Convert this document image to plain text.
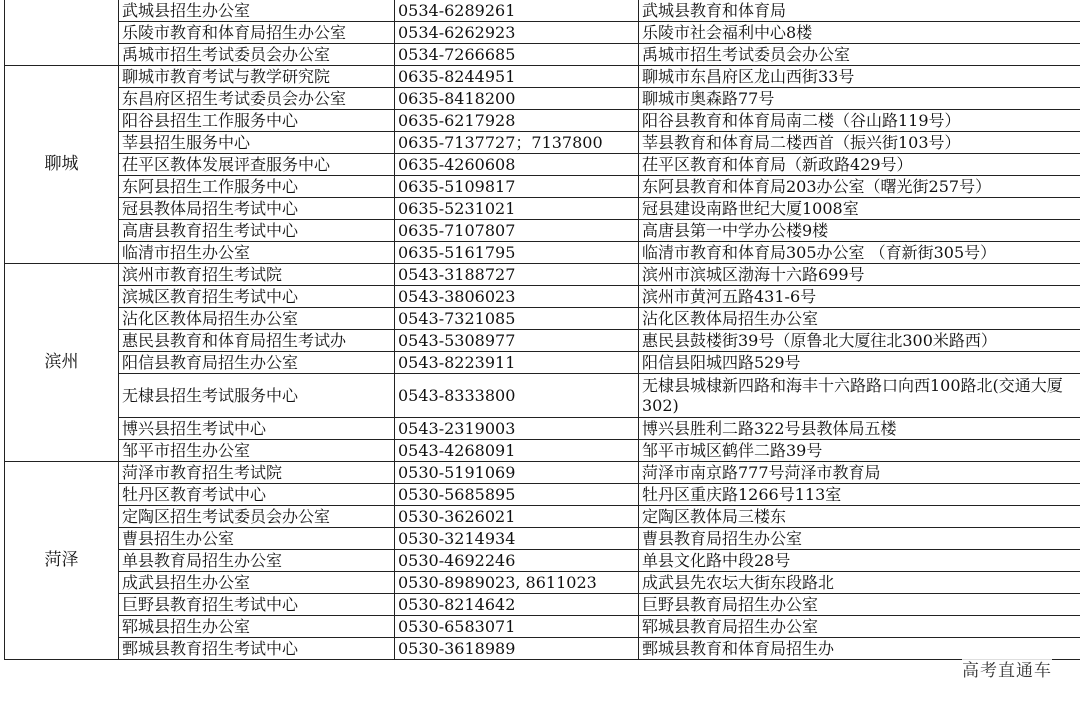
	武城县招生办公室	0534-6289261	武城县教育和体育局
	乐陵市教育和体育局招生办公室	0534-6262923	乐陵市社会福利中心8楼
	禹城市招生考试委员会办公室	0534-7266685	禹城市招生考试委员会办公室
聊城	聊城市教育考试与教学研究院	0635-8244951	聊城市东昌府区龙山西街33号
	东昌府区招生考试委员会办公室	0635-8418200	聊城市奥森路77号
	阳谷县招生工作服务中心	0635-6217928	阳谷县教育和体育局南二楼（谷山路119号）
	莘县招生服务中心	0635-7137727；7137800	莘县教育和体育局二楼西首（振兴街103号）
	茌平区教体发展评查服务中心	0635-4260608	茌平区教育和体育局（新政路429号）
	东阿县招生工作服务中心	0635-5109817	东阿县教育和体育局203办公室（曙光街257号）
	冠县教体局招生考试中心	0635-5231021	冠县建设南路世纪大厦1008室
	高唐县教育招生考试中心	0635-7107807	高唐县第一中学办公楼9楼
	临清市招生办公室	0635-5161795	临清市教育和体育局305办公室 （育新街305号）
滨州	滨州市教育招生考试院	0543-3188727	滨州市滨城区渤海十六路699号
	滨城区教育招生考试中心	0543-3806023	滨州市黄河五路431-6号
	沾化区教体局招生办公室	0543-7321085	沾化区教体局招生办公室
	惠民县教育和体育局招生考试办	0543-5308977	惠民县鼓楼街39号（原鲁北大厦往北300米路西）
	阳信县教育局招生办公室	0543-8223911	阳信县阳城四路529号
	无棣县招生考试服务中心	0543-8333800	无棣县城棣新四路和海丰十六路路口向西100路北(交通大厦302)
	博兴县招生考试中心	0543-2319003	博兴县胜利二路322号县教体局五楼
	邹平市招生办公室	0543-4268091	邹平市城区鹤伴二路39号
菏泽	菏泽市教育招生考试院	0530-5191069	菏泽市南京路777号菏泽市教育局
	牡丹区教育考试中心	0530-5685895	牡丹区重庆路1266号113室
	定陶区招生考试委员会办公室	0530-3626021	定陶区教体局三楼东
	曹县招生办公室	0530-3214934	曹县教育局招生办公室
	单县教育局招生办公室	0530-4692246	单县文化路中段28号
	成武县招生办公室	0530-8989023, 8611023	成武县先农坛大街东段路北
	巨野县教育招生考试中心	0530-8214642	巨野县教育局招生办公室
	郓城县招生办公室	0530-6583071	郓城县教育局招生办公室
	鄄城县教育招生考试中心	0530-3618989	鄄城县教育和体育局招生办
高考直通车
